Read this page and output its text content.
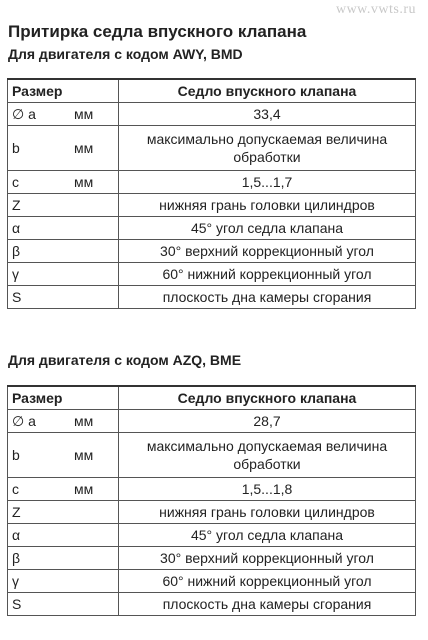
www.vwts.ru
Притирка седла впускного клапана
Для двигателя с кодом AWY, BMD
Размер		Седло впускного клапана
∅ a	мм	33,4
b	мм	максимально допускаемая величина обработки
c	мм	1,5...1,7
Z		нижняя грань головки цилиндров
α		45° угол седла клапана
β		30° верхний коррекционный угол
γ		60° нижний коррекционный угол
S		плоскость дна камеры сгорания
Для двигателя с кодом AZQ, BME
Размер		Седло впускного клапана
∅ a	мм	28,7
b	мм	максимально допускаемая величина обработки
c	мм	1,5...1,8
Z		нижняя грань головки цилиндров
α		45° угол седла клапана
β		30° верхний коррекционный угол
γ		60° нижний коррекционный угол
S		плоскость дна камеры сгорания
